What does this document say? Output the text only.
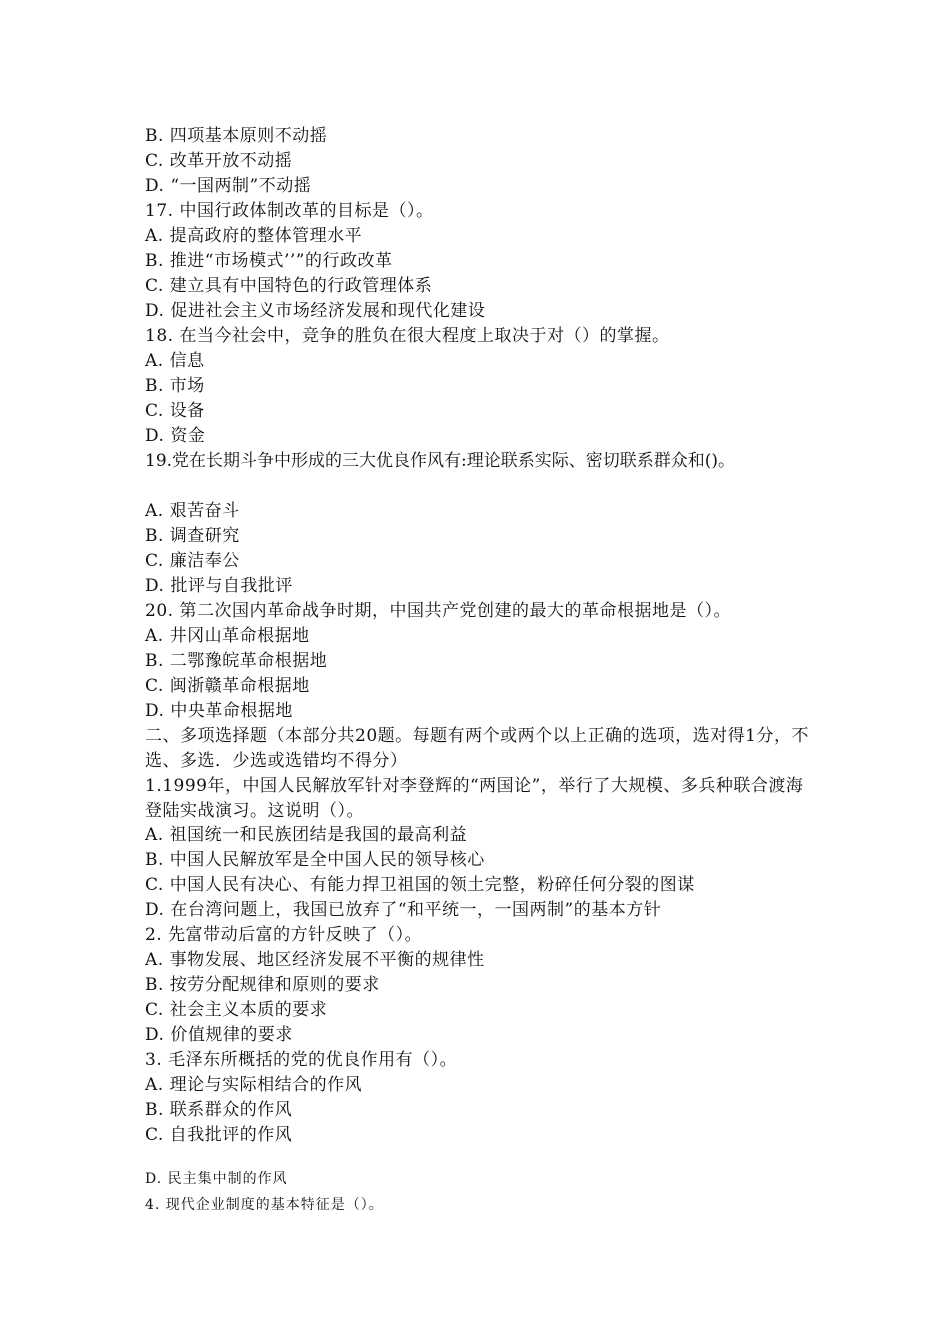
B. 四项基本原则不动摇
C. 改革开放不动摇
D. “一国两制”不动摇
17. 中国行政体制改革的目标是（）。
A. 提高政府的整体管理水平
B. 推进“市场模式’’”的行政改革
C. 建立具有中国特色的行政管理体系
D. 促进社会主义市场经济发展和现代化建设
18. 在当今社会中，竞争的胜负在很大程度上取决于对（）的掌握。
A. 信息
B. 市场
C. 设备
D. 资金
19.党在长期斗争中形成的三大优良作风有:理论联系实际、密切联系群众和()。
A. 艰苦奋斗
B. 调查研究
C. 廉洁奉公
D. 批评与自我批评
20. 第二次国内革命战争时期，中国共产党创建的最大的革命根据地是（）。
A. 井冈山革命根据地
B. 二鄂豫皖革命根据地
C. 闽浙赣革命根据地
D. 中央革命根据地
二、多项选择题（本部分共20题。每题有两个或两个以上正确的选项，选对得1分，不选、多选．少选或选错均不得分）
1.1999年，中国人民解放军针对李登辉的“两国论”，举行了大规模、多兵种联合渡海登陆实战演习。这说明（）。
A. 祖国统一和民族团结是我国的最高利益
B. 中国人民解放军是全中国人民的领导核心
C. 中国人民有决心、有能力捍卫祖国的领土完整，粉碎任何分裂的图谋
D. 在台湾问题上，我国已放弃了“和平统一，一国两制”的基本方针
2. 先富带动后富的方针反映了（）。
A. 事物发展、地区经济发展不平衡的规律性
B. 按劳分配规律和原则的要求
C. 社会主义本质的要求
D. 价值规律的要求
3. 毛泽东所概括的党的优良作用有（）。
A. 理论与实际相结合的作风
B. 联系群众的作风
C. 自我批评的作风
D. 民主集中制的作风
4. 现代企业制度的基本特征是（）。
